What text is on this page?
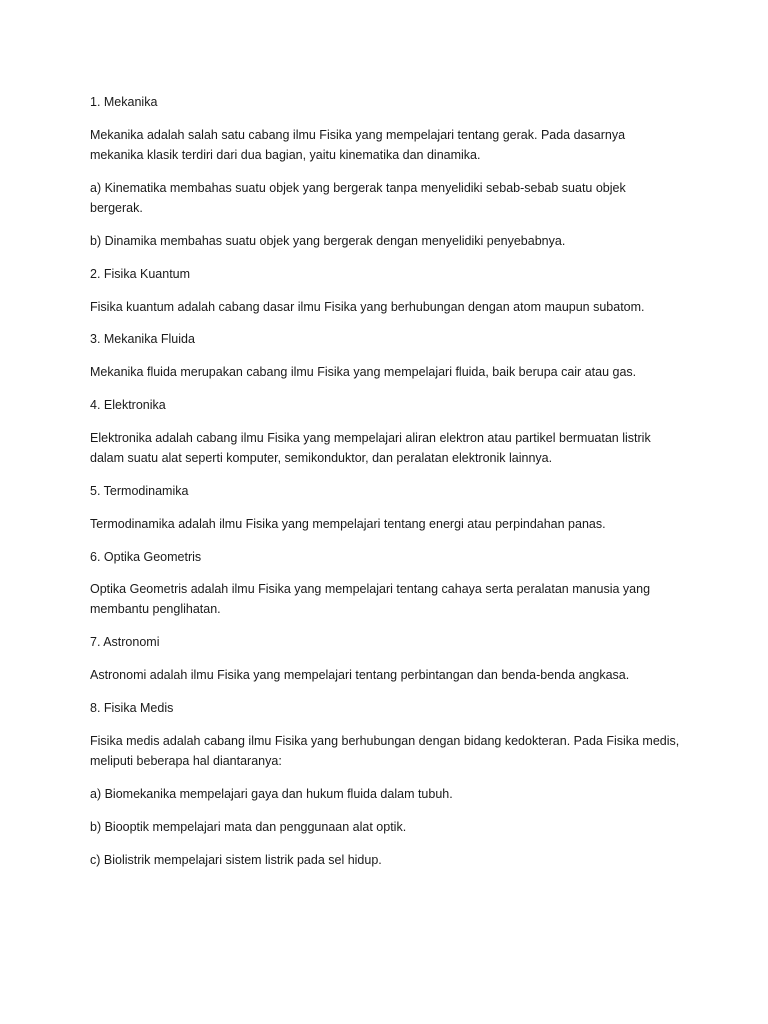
1. Mekanika

Mekanika adalah salah satu cabang ilmu Fisika yang mempelajari tentang gerak. Pada dasarnya
mekanika klasik terdiri dari dua bagian, yaitu kinematika dan dinamika.

a) Kinematika membahas suatu objek yang bergerak tanpa menyelidiki sebab-sebab suatu objek
bergerak.

b) Dinamika membahas suatu objek yang bergerak dengan menyelidiki penyebabnya.

2. Fisika Kuantum

Fisika kuantum adalah cabang dasar ilmu Fisika yang berhubungan dengan atom maupun subatom.

3. Mekanika Fluida

Mekanika fluida merupakan cabang ilmu Fisika yang mempelajari fluida, baik berupa cair atau gas.

4. Elektronika

Elektronika adalah cabang ilmu Fisika yang mempelajari aliran elektron atau partikel bermuatan listrik
dalam suatu alat seperti komputer, semikonduktor, dan peralatan elektronik lainnya.

5. Termodinamika

Termodinamika adalah ilmu Fisika yang mempelajari tentang energi atau perpindahan panas.

6. Optika Geometris

Optika Geometris adalah ilmu Fisika yang mempelajari tentang cahaya serta peralatan manusia yang
membantu penglihatan.

7. Astronomi

Astronomi adalah ilmu Fisika yang mempelajari tentang perbintangan dan benda-benda angkasa.

8. Fisika Medis

Fisika medis adalah cabang ilmu Fisika yang berhubungan dengan bidang kedokteran. Pada Fisika medis,
meliputi beberapa hal diantaranya:

a) Biomekanika mempelajari gaya dan hukum fluida dalam tubuh.

b) Biooptik mempelajari mata dan penggunaan alat optik.

c) Biolistrik mempelajari sistem listrik pada sel hidup.
